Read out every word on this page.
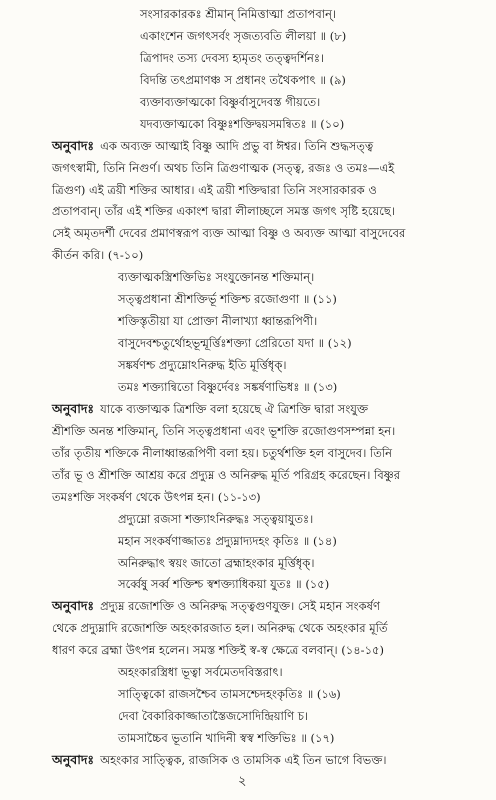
সংসারকারকঃ শ্রীমান্ নিমিত্তাত্মা প্রতাপবান্।
একাংশেন জগৎসর্বং সৃজত্যবতি লীলয়া ॥ (৮)
ত্রিপাদং তস্য দেবস্য হ্যমৃতং তত্ত্বদর্শিনঃ।
বিদন্তি তৎপ্রমাণঞ্চ স প্রধানং তথৈকপাৎ ॥ (৯)
ব্যক্তাব্যক্তাত্মকো বিষ্ণুর্বাসুদেবস্ত গীয়তে।
যদব্যক্তাত্মকো বিষ্ণুঃশক্তিদ্বয়সমন্বিতঃ ॥ (১০)
অনুবাদঃ এক অব্যক্ত আত্মাই বিষ্ণু আদি প্রভু বা ঈশ্বর। তিনি শুদ্ধসত্ত্ব
জগৎস্বামী, তিনি নিগুর্ণ। অথচ তিনি ত্রিগুণাত্মক (সত্ত্ব, রজঃ ও তমঃ—এই
ত্রিগুণ) এই ত্রয়ী শক্তির আধার। এই ত্রয়ী শক্তিদ্বারা তিনি সংসারকারক ও
প্রতাপবান্। তাঁর এই শক্তির একাংশ দ্বারা লীলাচ্ছলে সমস্ত জগৎ সৃষ্টি হয়েছে।
সেই অমৃতদর্শী দেবের প্রমাণস্বরূপ ব্যক্ত আত্মা বিষ্ণু ও অব্যক্ত আত্মা বাসুদেবের
কীর্তন করি। (৭-১০)
ব্যক্তাত্মকস্ত্রিশক্তিভিঃ সংযুক্তোনন্ত শক্তিমান্।
সত্ত্বপ্রধানা শ্রীশক্তির্ভূ শক্তিশ্চ রজোগুণা ॥ (১১)
শক্তিস্তৃতীয়া যা প্রোক্তা নীলাখ্যা ধ্বান্তরূপিণী।
বাসুদেবশ্চতুর্থোহভূন্মূর্ত্তিঃশক্ত্যা প্রেরিতো যদা ॥ (১২)
সঙ্কর্ষণশ্চ প্রদ্যুম্নোঽনিরুদ্ধ ইতি মূর্ত্তিধৃক্।
তমঃ শক্ত্যান্বিতো বিষ্ণুর্দেবঃ সঙ্কর্ষণাভিধঃ ॥ (১৩)
অনুবাদঃ যাকে ব্যক্তাত্মক ত্রিশক্তি বলা হয়েছে ঐ ত্রিশক্তি দ্বারা সংযুক্ত
শ্রীশক্তি অনন্ত শক্তিমান্, তিনি সত্ত্বপ্রধানা এবং ভূশক্তি রজোগুণসম্পন্না হন।
তাঁর তৃতীয় শক্তিকে নীলাধ্বান্তরূপিণী বলা হয়। চতুর্থশক্তি হল বাসুদেব। তিনি
তাঁর ভূ ও শ্রীশক্তি আশ্রয় করে প্রদ্যুম্ন ও অনিরুদ্ধ মূর্তি পরিগ্রহ করেছেন। বিষ্ণুর
তমঃশক্তি সংকর্ষণ থেকে উৎপন্ন হন। (১১-১৩)
প্রদ্যুম্নো রজসা শক্ত্যাঽনিরুদ্ধঃ সত্ত্বয়াযুতঃ।
মহান সংকর্ষণাজ্জাতঃ প্রদ্যুম্নাদ্যদহং কৃতিঃ ॥ (১৪)
অনিরুদ্ধাৎ স্বয়ং জাতো ব্রহ্মাহংকার মূর্ত্তিধৃক্।
সর্ব্বেষু সর্ব্ব শক্তিশ্চ স্বশক্ত্যাধিকয়া যুতঃ ॥ (১৫)
অনুবাদঃ প্রদ্যুম্ন রজোশক্তি ও অনিরুদ্ধ সত্ত্বগুণযুক্ত। সেই মহান সংকর্ষণ
থেকে প্রদ্যুম্নাদি রজোশক্তি অহংকারজাত হল। অনিরুদ্ধ থেকে অহংকার মূর্তি
ধারণ করে ব্রহ্মা উৎপন্ন হলেন। সমস্ত শক্তিই স্ব-স্ব ক্ষেত্রে বলবান্। (১৪-১৫)
অহংকারস্ত্রিধা ভূত্বা সর্বমেতদবিস্তরাৎ।
সাত্ত্বিকো রাজসশ্চৈব তামসশ্চেদহংকৃতিঃ ॥ (১৬)
দেবা বৈকারিকাজ্জাতাস্তৈজসোদিন্দ্রিয়াণি চ।
তামসাচ্চৈব ভূতানি খাদিনী স্বস্ব শক্তিভিঃ ॥ (১৭)
অনুবাদঃ অহংকার সাত্ত্বিক, রাজসিক ও তামসিক এই তিন ভাগে বিভক্ত।
২
